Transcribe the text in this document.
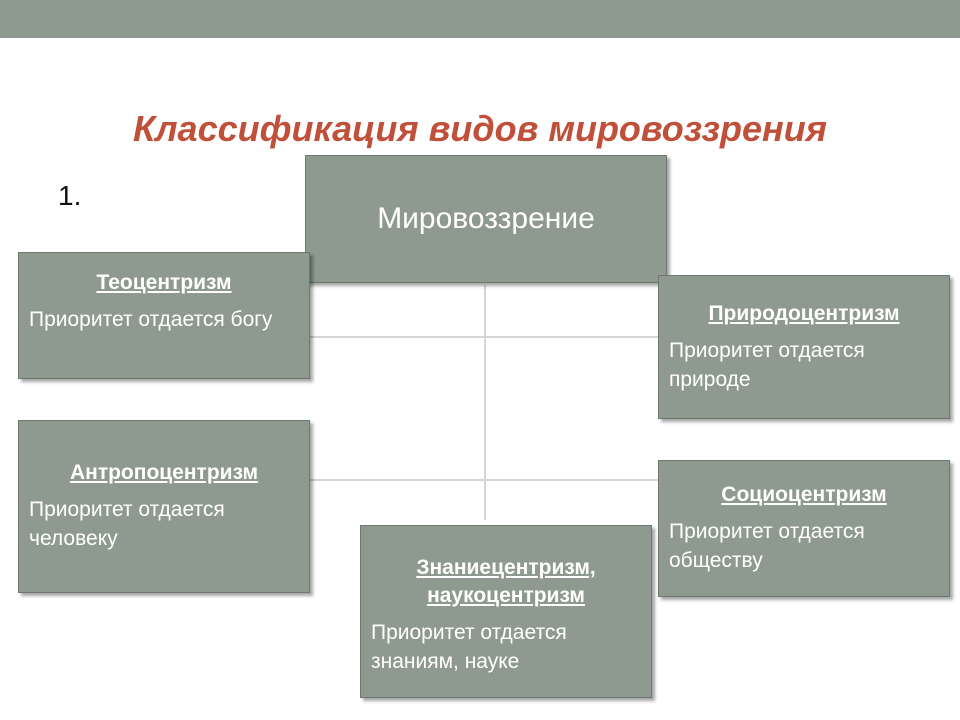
Классификация видов мировоззрения
1.
Мировоззрение
Теоцентризм
Приоритет отдается богу
Антропоцентризм
Приоритет отдается человеку
Знаниецентризм, наукоцентризм
Приоритет отдается знаниям, науке
Природоцентризм
Приоритет отдается природе
Социоцентризм
Приоритет отдается обществу
